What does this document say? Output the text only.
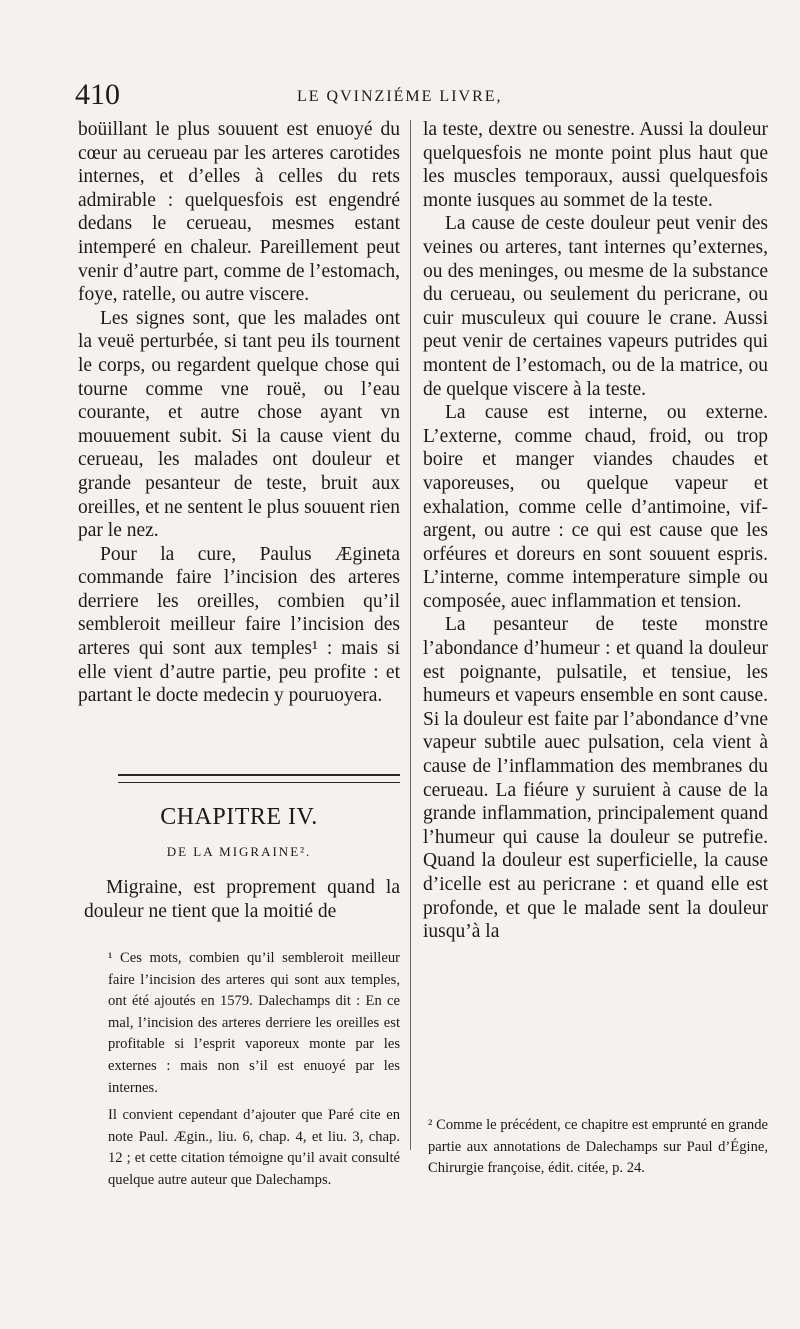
410	LE QVINZIÉME LIVRE,

boüillant le plus souuent est enuoyé du cœur au cerueau par les arteres carotides internes, et d’elles à celles du rets admirable : quelquesfois est engendré dedans le cerueau, mesmes estant intemperé en chaleur. Pareillement peut venir d’autre part, comme de l’estomach, foye, ratelle, ou autre viscere.

Les signes sont, que les malades ont la veuë perturbée, si tant peu ils tournent le corps, ou regardent quelque chose qui tourne comme vne rouë, ou l’eau courante, et autre chose ayant vn mouuement subit. Si la cause vient du cerueau, les malades ont douleur et grande pesanteur de teste, bruit aux oreilles, et ne sentent le plus souuent rien par le nez.

Pour la cure, Paulus Ægineta commande faire l’incision des arteres derriere les oreilles, combien qu’il sembleroit meilleur faire l’incision des arteres qui sont aux temples¹ : mais si elle vient d’autre partie, peu profite : et partant le docte medecin y pouruoyera.

CHAPITRE IV.
DE LA MIGRAINE².

Migraine, est proprement quand la douleur ne tient que la moitié de

¹ Ces mots, combien qu’il sembleroit meilleur faire l’incision des arteres qui sont aux temples, ont été ajoutés en 1579. Dalechamps dit : En ce mal, l’incision des arteres derriere les oreilles est profitable si l’esprit vaporeux monte par les externes : mais non s’il est enuoyé par les internes.

Il convient cependant d’ajouter que Paré cite en note Paul. Ægin., liu. 6, chap. 4, et liu. 3, chap. 12 ; et cette citation témoigne qu’il avait consulté quelque autre auteur que Dalechamps.

la teste, dextre ou senestre. Aussi la douleur quelquesfois ne monte point plus haut que les muscles temporaux, aussi quelquesfois monte iusques au sommet de la teste.

La cause de ceste douleur peut venir des veines ou arteres, tant internes qu’externes, ou des meninges, ou mesme de la substance du cerueau, ou seulement du pericrane, ou cuir musculeux qui couure le crane. Aussi peut venir de certaines vapeurs putrides qui montent de l’estomach, ou de la matrice, ou de quelque viscere à la teste.

La cause est interne, ou externe. L’externe, comme chaud, froid, ou trop boire et manger viandes chaudes et vaporeuses, ou quelque vapeur et exhalation, comme celle d’antimoine, vif-argent, ou autre : ce qui est cause que les orféures et doreurs en sont souuent espris. L’interne, comme intemperature simple ou composée, auec inflammation et tension.

La pesanteur de teste monstre l’abondance d’humeur : et quand la douleur est poignante, pulsatile, et tensiue, les humeurs et vapeurs ensemble en sont cause. Si la douleur est faite par l’abondance d’vne vapeur subtile auec pulsation, cela vient à cause de l’inflammation des membranes du cerueau. La fiéure y suruient à cause de la grande inflammation, principalement quand l’humeur qui cause la douleur se putrefie. Quand la douleur est superficielle, la cause d’icelle est au pericrane : et quand elle est profonde, et que le malade sent la douleur iusqu’à la

² Comme le précédent, ce chapitre est emprunté en grande partie aux annotations de Dalechamps sur Paul d’Égine, Chirurgie françoise, édit. citée, p. 24.
